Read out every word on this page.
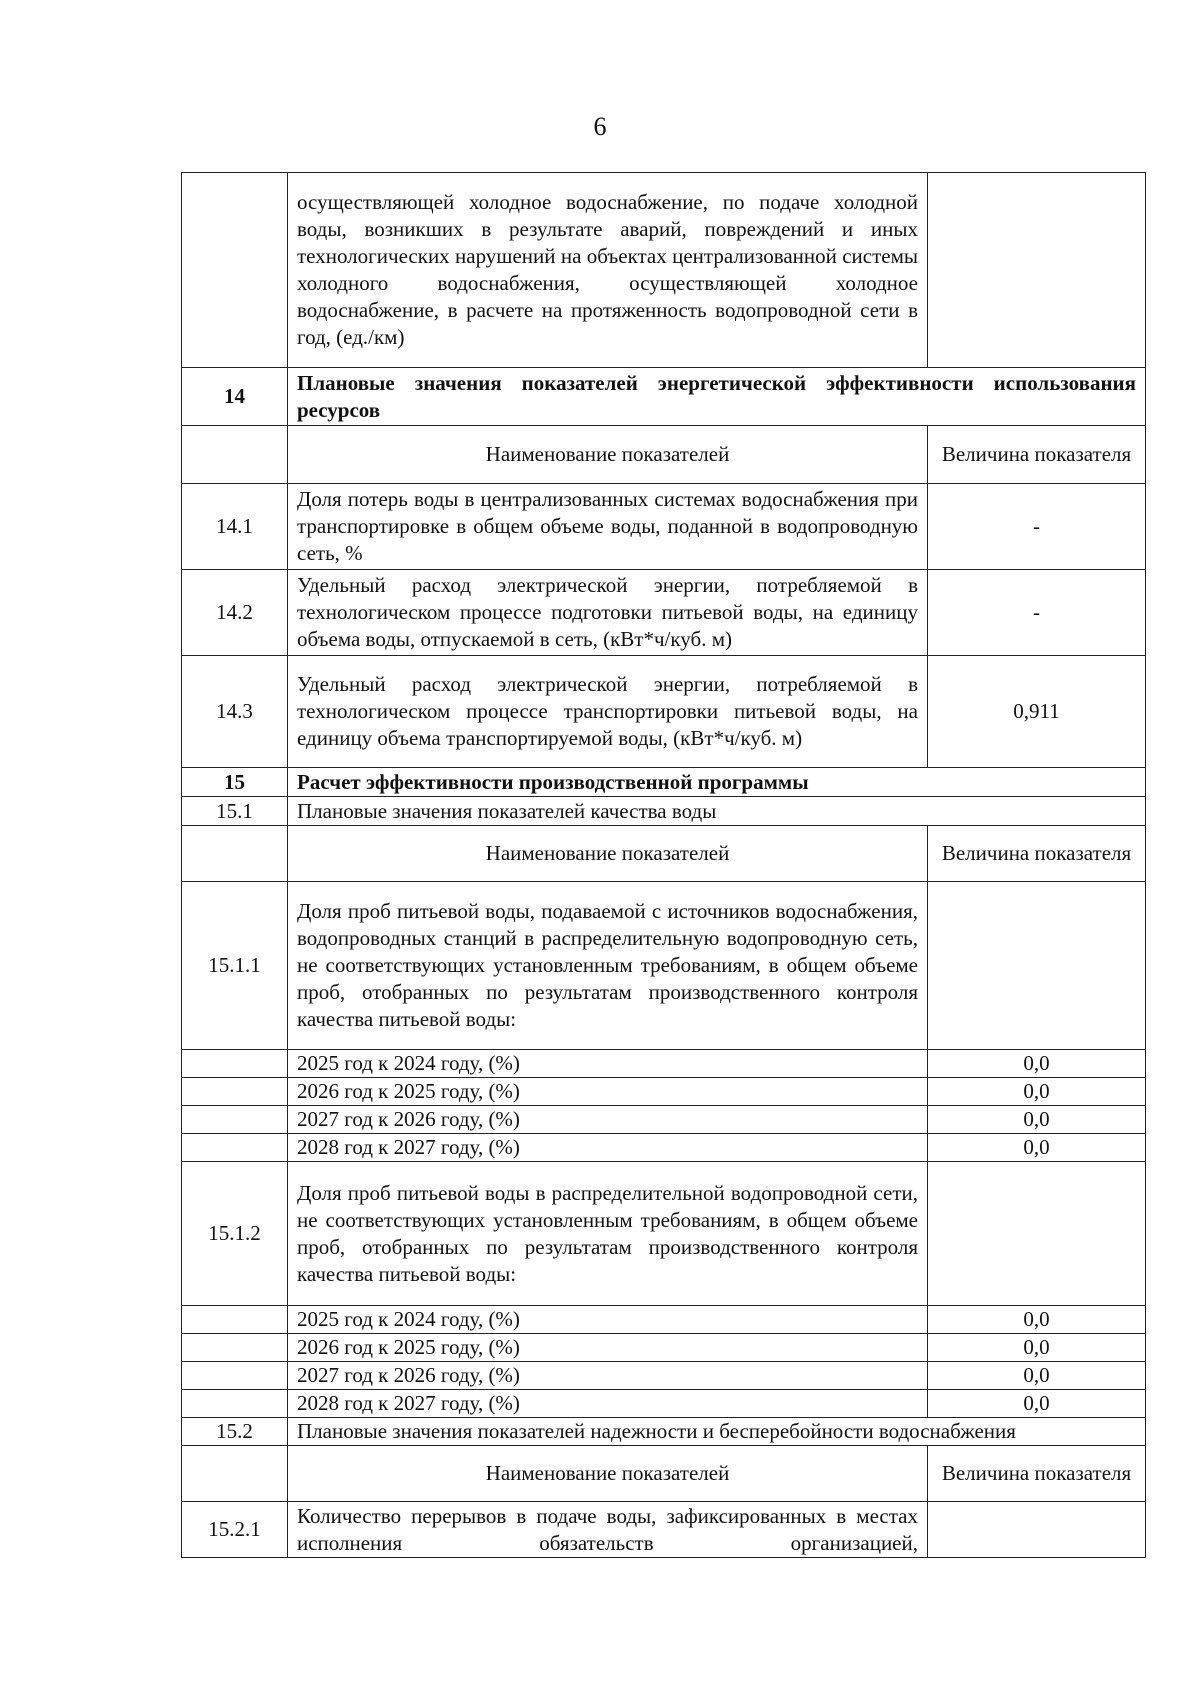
6
	осуществляющей холодное водоснабжение, по подаче холодной воды, возникших в результате аварий, повреждений и иных технологических нарушений на объектах централизованной системы холодного водоснабжения, осуществляющей холодное водоснабжение, в расчете на протяженность водопроводной сети в год, (ед./км)	
14	Плановые значения показателей энергетической эффективности использования ресурсов	
	Наименование показателей	Величина показателя
14.1	Доля потерь воды в централизованных системах водоснабжения при транспортировке в общем объеме воды, поданной в водопроводную сеть, %	-
14.2	Удельный расход электрической энергии, потребляемой в технологическом процессе подготовки питьевой воды, на единицу объема воды, отпускаемой в сеть, (кВт*ч/куб. м)	-
14.3	Удельный расход электрической энергии, потребляемой в технологическом процессе транспортировки питьевой воды, на единицу объема транспортируемой воды, (кВт*ч/куб. м)	0,911
15	Расчет эффективности производственной программы	
15.1	Плановые значения показателей качества воды	
	Наименование показателей	Величина показателя
15.1.1	Доля проб питьевой воды, подаваемой с источников водоснабжения, водопроводных станций в распределительную водопроводную сеть, не соответствующих установленным требованиям, в общем объеме проб, отобранных по результатам производственного контроля качества питьевой воды:	
	2025 год к 2024 году, (%)	0,0
	2026 год к 2025 году, (%)	0,0
	2027 год к 2026 году, (%)	0,0
	2028 год к 2027 году, (%)	0,0
15.1.2	Доля проб питьевой воды в распределительной водопроводной сети, не соответствующих установленным требованиям, в общем объеме проб, отобранных по результатам производственного контроля качества питьевой воды:	
	2025 год к 2024 году, (%)	0,0
	2026 год к 2025 году, (%)	0,0
	2027 год к 2026 году, (%)	0,0
	2028 год к 2027 году, (%)	0,0
15.2	Плановые значения показателей надежности и бесперебойности водоснабжения	
	Наименование показателей	Величина показателя
15.2.1	Количество перерывов в подаче воды, зафиксированных в местах исполнения обязательств организацией,	
